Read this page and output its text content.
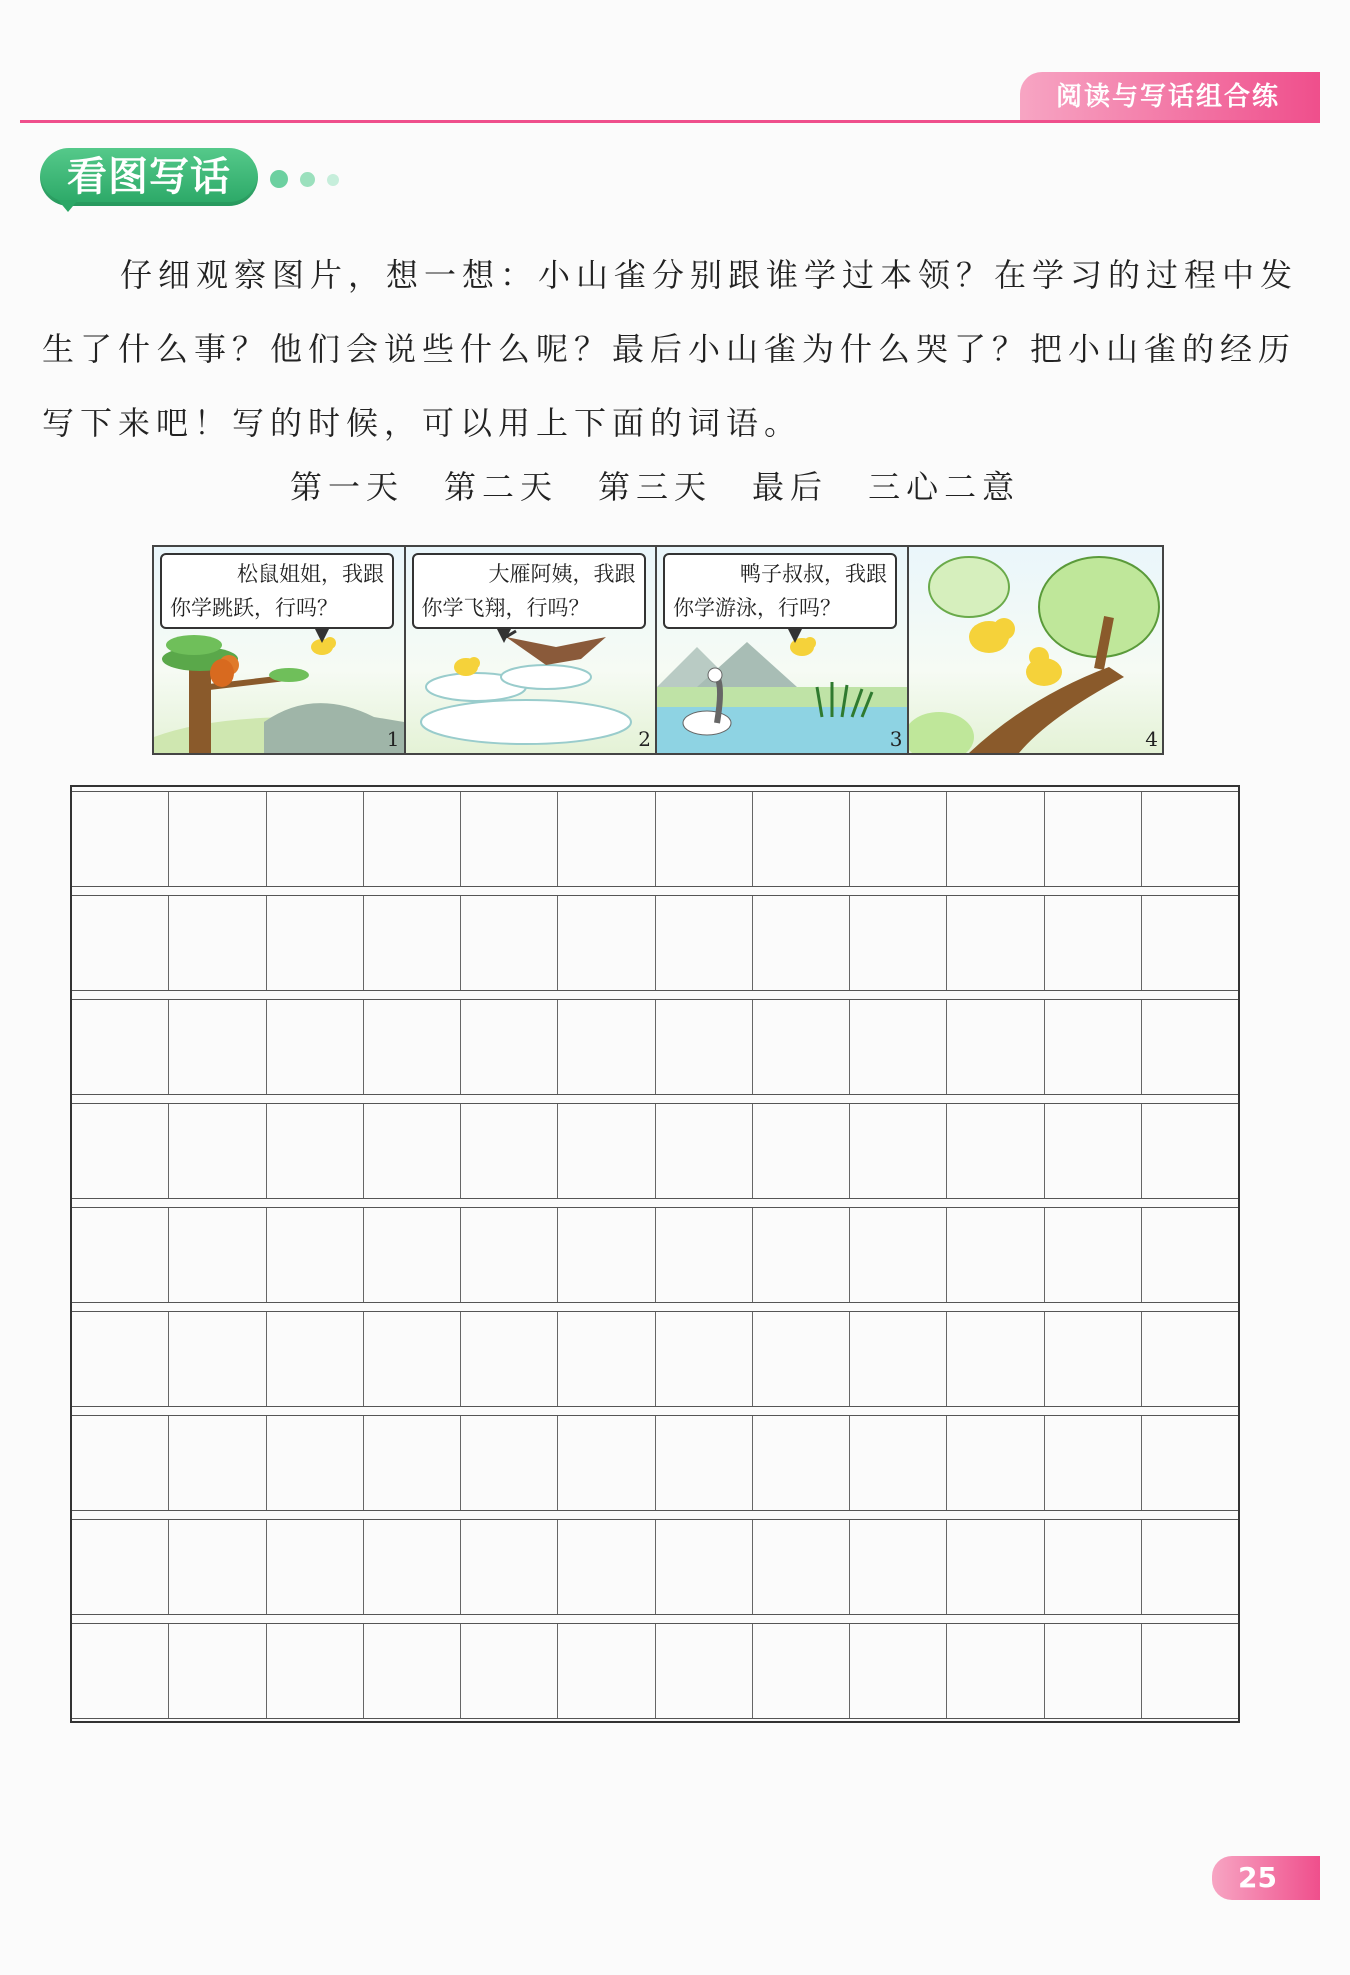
阅读与写话组合练
看图写话
仔细观察图片，想一想：小山雀分别跟谁学过本领？在学习的过程中发生了什么事？他们会说些什么呢？最后小山雀为什么哭了？把小山雀的经历写下来吧！写的时候，可以用上下面的词语。
第一天 第二天 第三天 最后 三心二意
松鼠姐姐，我跟
你学跳跃，行吗？
1
大雁阿姨，我跟
你学飞翔，行吗？
2
鸭子叔叔，我跟
你学游泳，行吗？
3	4
25
